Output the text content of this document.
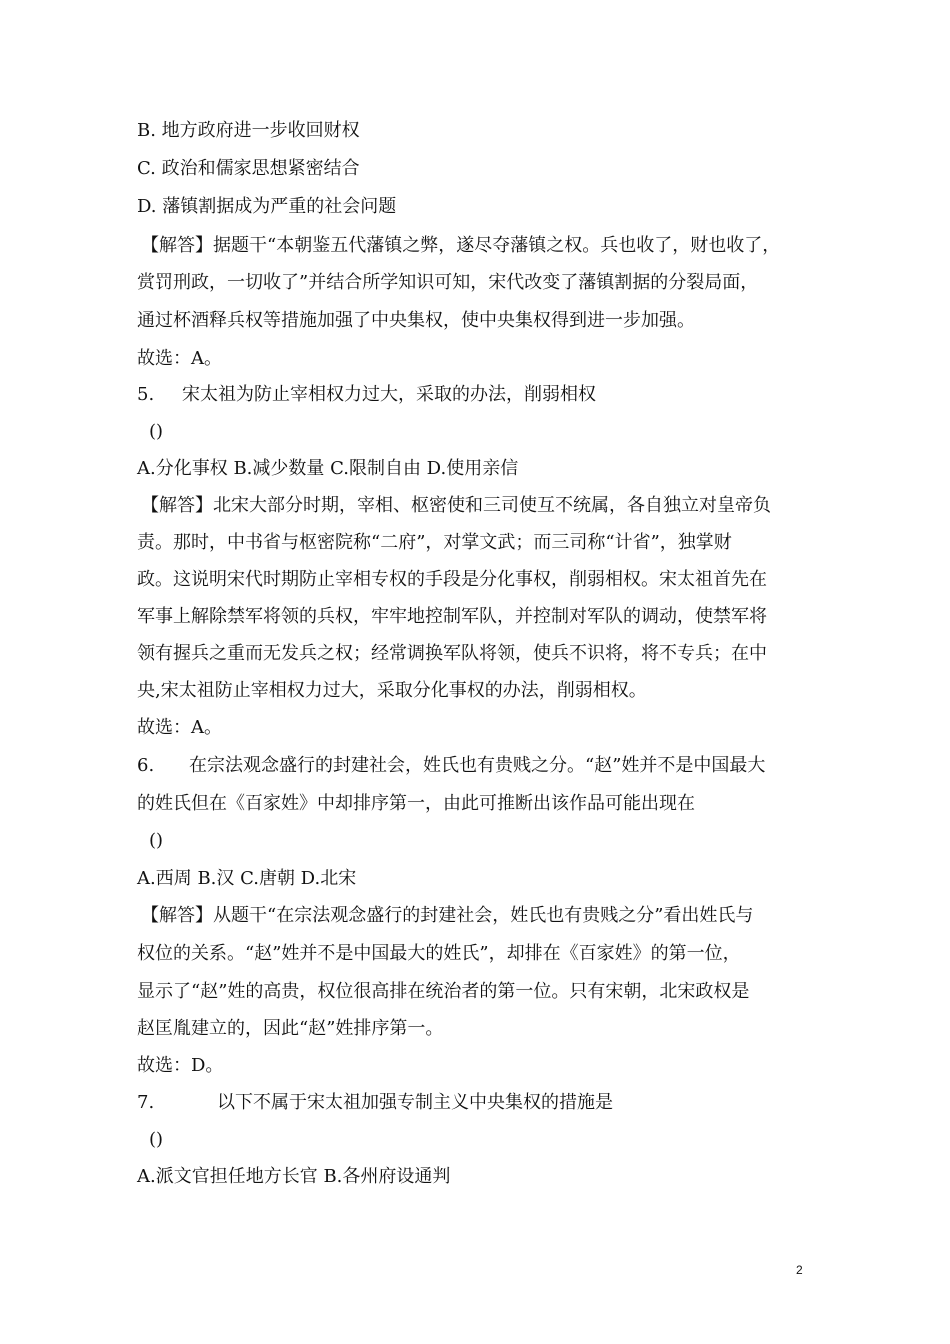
B. 地方政府进一步收回财权
C. 政治和儒家思想紧密结合
D. 藩镇割据成为严重的社会问题
【解答】据题干“本朝鉴五代藩镇之弊，遂尽夺藩镇之权。兵也收了，财也收了，
赏罚刑政，一切收了”并结合所学知识可知，宋代改变了藩镇割据的分裂局面，
通过杯酒释兵权等措施加强了中央集权，使中央集权得到进一步加强。
故选：A。
5. 宋太祖为防止宰相权力过大，采取的办法，削弱相权
()
A.分化事权 B.减少数量 C.限制自由 D.使用亲信
【解答】北宋大部分时期，宰相、枢密使和三司使互不统属，各自独立对皇帝负
责。那时，中书省与枢密院称“二府”，对掌文武；而三司称“计省”，独掌财
政。这说明宋代时期防止宰相专权的手段是分化事权，削弱相权。宋太祖首先在
军事上解除禁军将领的兵权，牢牢地控制军队，并控制对军队的调动，使禁军将
领有握兵之重而无发兵之权；经常调换军队将领，使兵不识将，将不专兵；在中
央,宋太祖防止宰相权力过大，采取分化事权的办法，削弱相权。
故选：A。
6. 在宗法观念盛行的封建社会，姓氏也有贵贱之分。“赵”姓并不是中国最大
的姓氏但在《百家姓》中却排序第一，由此可推断出该作品可能出现在
()
A.西周 B.汉 C.唐朝 D.北宋
【解答】从题干“在宗法观念盛行的封建社会，姓氏也有贵贱之分”看出姓氏与
权位的关系。“赵”姓并不是中国最大的姓氏”，却排在《百家姓》的第一位，
显示了“赵”姓的高贵，权位很高排在统治者的第一位。只有宋朝，北宋政权是
赵匡胤建立的，因此“赵”姓排序第一。
故选：D。
7.	以下不属于宋太祖加强专制主义中央集权的措施是
()
A.派文官担任地方长官 B.各州府设通判
2
